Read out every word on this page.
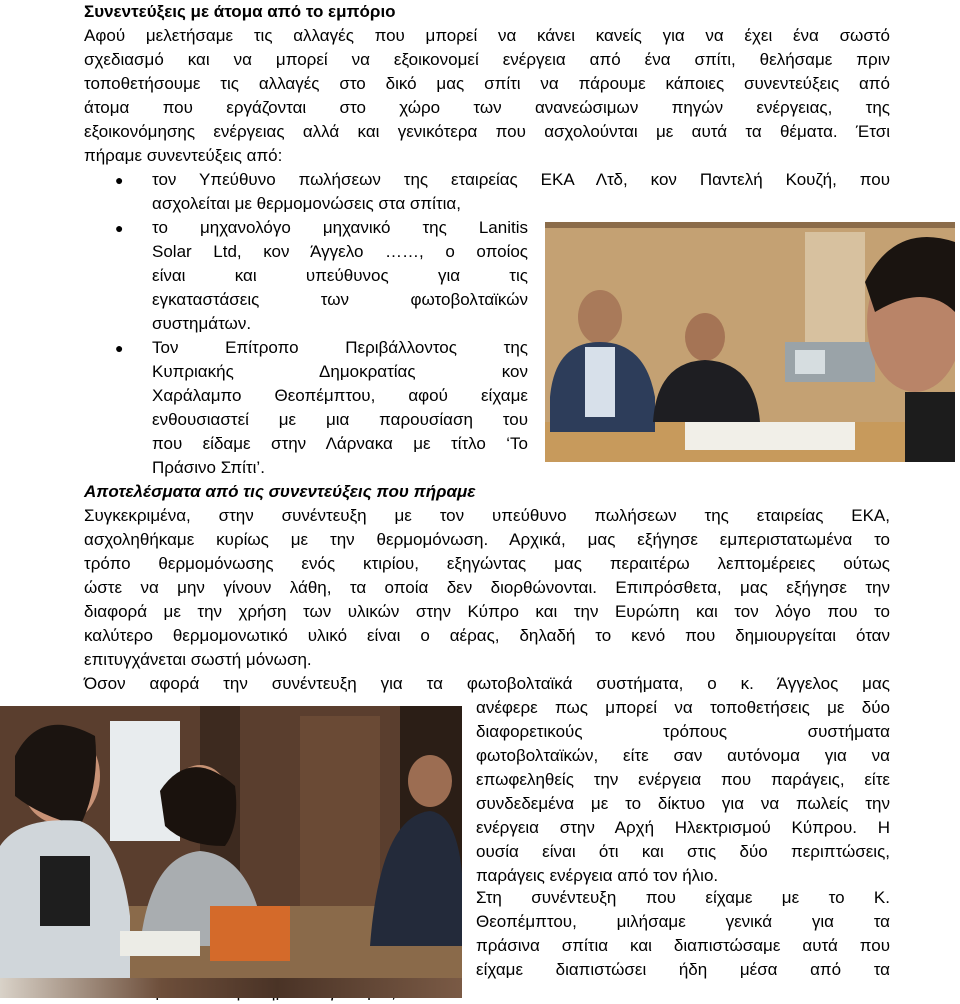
Συνεντεύξεις με άτομα από το εμπόριο
Αφού μελετήσαμε τις αλλαγές που μπορεί να κάνει κανείς για να έχει ένα σωστό
σχεδιασμό και να μπορεί να εξοικονομεί ενέργεια από ένα σπίτι, θελήσαμε πριν
τοποθετήσουμε τις αλλαγές στο δικό μας σπίτι να πάρουμε κάποιες συνεντεύξεις από
άτομα που εργάζονται στο χώρο των ανανεώσιμων πηγών ενέργειας, της
εξοικονόμησης ενέργειας αλλά και γενικότερα που ασχολούνται με αυτά τα θέματα. Έτσι
πήραμε συνεντεύξεις από:
● τον Υπεύθυνο πωλήσεων της εταιρείας ΕΚΑ Λτδ, κον Παντελή Κουζή, που
ασχολείται με θερμομονώσεις στα σπίτια,
● το μηχανολόγο μηχανικό της Lanitis
Solar Ltd, κον Άγγελο ……, ο οποίος
είναι και υπεύθυνος για τις
εγκαταστάσεις των φωτοβολταϊκών
συστημάτων.
● Τον Επίτροπο Περιβάλλοντος της
Κυπριακής Δημοκρατίας κον
Χαράλαμπο Θεοπέμπτου, αφού είχαμε
ενθουσιαστεί με μια παρουσίαση του
που είδαμε στην Λάρνακα με τίτλο ‘Το
Πράσινο Σπίτι’.
Αποτελέσματα από τις συνεντεύξεις που πήραμε
Συγκεκριμένα, στην συνέντευξη με τον υπεύθυνο πωλήσεων της εταιρείας ΕΚΑ,
ασχοληθήκαμε κυρίως με την θερμομόνωση. Αρχικά, μας εξήγησε εμπεριστατωμένα το
τρόπο θερμομόνωσης ενός κτιρίου, εξηγώντας μας περαιτέρω λεπτομέρειες ούτως
ώστε να μην γίνουν λάθη, τα οποία δεν διορθώνονται. Επιπρόσθετα, μας εξήγησε την
διαφορά με την χρήση των υλικών στην Κύπρο και την Ευρώπη και τον λόγο που το
καλύτερο θερμομονωτικό υλικό είναι ο αέρας, δηλαδή το κενό που δημιουργείται όταν
επιτυγχάνεται σωστή μόνωση.
Όσον αφορά την συνέντευξη για τα φωτοβολταϊκά συστήματα, ο κ. Άγγελος μας
ανέφερε πως μπορεί να τοποθετήσεις με δύο
διαφορετικούς τρόπους συστήματα
φωτοβολταϊκών, είτε σαν αυτόνομα για να
επωφεληθείς την ενέργεια που παράγεις, είτε
συνδεδεμένα με το δίκτυο για να πωλείς την
ενέργεια στην Αρχή Ηλεκτρισμού Κύπρου. Η
ουσία είναι ότι και στις δύο περιπτώσεις,
παράγεις ενέργεια από τον ήλιο.
Στη συνέντευξη που είχαμε με το Κ.
Θεοπέμπτου, μιλήσαμε γενικά για τα
πράσινα σπίτια και διαπιστώσαμε αυτά που
είχαμε διαπιστώσει ήδη μέσα από τα
